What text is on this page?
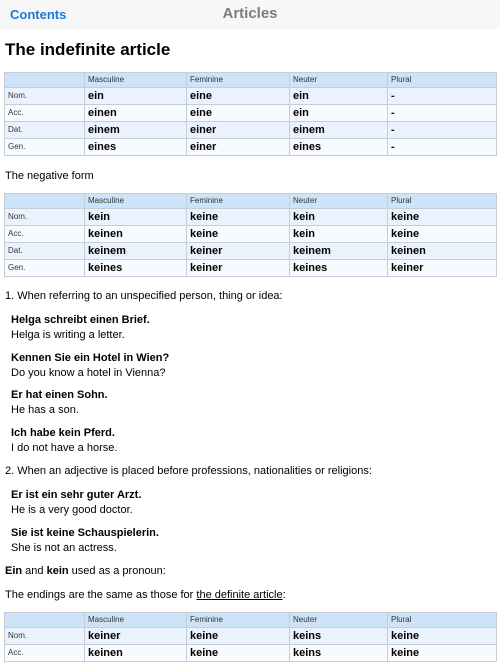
Contents	Articles
The indefinite article
	Masculine	Feminine	Neuter	Plural
Nom.	ein	eine	ein	-
Acc.	einen	eine	ein	-
Dat.	einem	einer	einem	-
Gen.	eines	einer	eines	-

The negative form

	Masculine	Feminine	Neuter	Plural
Nom.	kein	keine	kein	keine
Acc.	keinen	keine	kein	keine
Dat.	keinem	keiner	keinem	keinen
Gen.	keines	keiner	keines	keiner

1. When referring to an unspecified person, thing or idea:

Helga schreibt einen Brief.
Helga is writing a letter.
Kennen Sie ein Hotel in Wien?
Do you know a hotel in Vienna?
Er hat einen Sohn.
He has a son.
Ich habe kein Pferd.
I do not have a horse.

2. When an adjective is placed before professions, nationalities or religions:

Er ist ein sehr guter Arzt.
He is a very good doctor.
Sie ist keine Schauspielerin.
She is not an actress.

Ein and kein used as a pronoun:

The endings are the same as those for the definite article:

	Masculine	Feminine	Neuter	Plural
Nom.	keiner	keine	keins	keine
Acc.	keinen	keine	keins	keine
